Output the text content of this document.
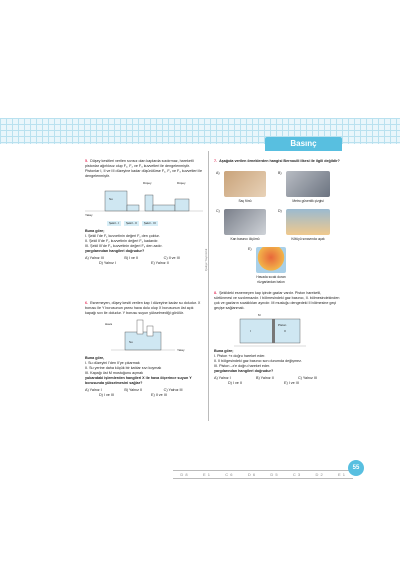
Basınç
Çalışır Yayıncılık

5. Düşey kesitleri verilen sıvısız olan kaplarda sızdırmaz, hareketli pistonlar ağırlıksız olup F₁, F₂ ve F₃ kuvvetleri ile dengelenmiştir. Pistonlar I, II ve III düzeyine kadar düşürülürse F₁, F₂ ve F₃ kuvvetleri ile dengelenmiştir.

Düşey	Düşey
Yatay
Su
Şekil - I	Şekil - II	Şekil - III

Buna göre;

I. Şekil I'de F₁ kuvvetinin değeri F₁ den çoktur.

II. Şekil II'de F₂ kuvvetinin değeri F₂ kadardır.

III. Şekil III'de F₃ kuvvetinin değeri F₃ den azdır.

yargılarından hangileri doğrudur?

A) Yalnız III	B) I ve II	C) II ve III
D) Yalnız I	E) Yalnız II

6. Esnemeyen, düşey kesiti verilen kap I düzeyine kadar su doludur. X borusu ile Y borusunun yarısı hava dolu olup X borusunun üst açık kapağı sıvı ile doludur. Y borusu suyun yükselmediği görülür.

Hava
Su
Yatay

Buna göre,

I. Su düzeyini I'den II'ye çıkarmak

II. Su yerine daha küçük bir katılar sıvı koymak

III. Kapağı üst M mostuğunu açmak

yukarıdaki işlemlerden hangileri X ile hava ölçerince suyun Y borusunda yükselmesini sağlar?

A) Yalnız I	B) Yalnız II	C) Yalnız III
D) I ve III	E) II ve III

7. Aşağıda verilen örneklerden hangisi Bernoulli ilkesi ile ilgili değildir?

A)
Saç fönü
B)
Metro güvenlik çizgisi
C)
Kan basıncı ölçümü
D)
Kötüyü sınavında uçak
E)
Havada sıcak duran rüzgarlardan balon

8. Şekildeki esnemeyen kap içinde gazlar vardır. Piston hareketli, sürtünmesi ve sızdırmazdır. I bölmesindeki gaz basıncı, II. bölmesindekinden çok ve gazların sıcaklıkları aynıdır. M musluğu dengedeki II bölmesine geçi geçişe sağlanmalı.

M
I	II
Piston

Buna göre;

I. Piston +x doğru hareket eder.

II. II bölgesindeki gaz basıncı son durumda değişmez.

III. Piston –x'e doğru hareket eder.

yargılarından hangileri doğrudur?

A) Yalnız I	B) Yalnız II	C) Yalnız III
D) I ve II	E) I ve III
D 8	E 1	C 6	D 6	D 5	C 3	D 2	E 1
55
